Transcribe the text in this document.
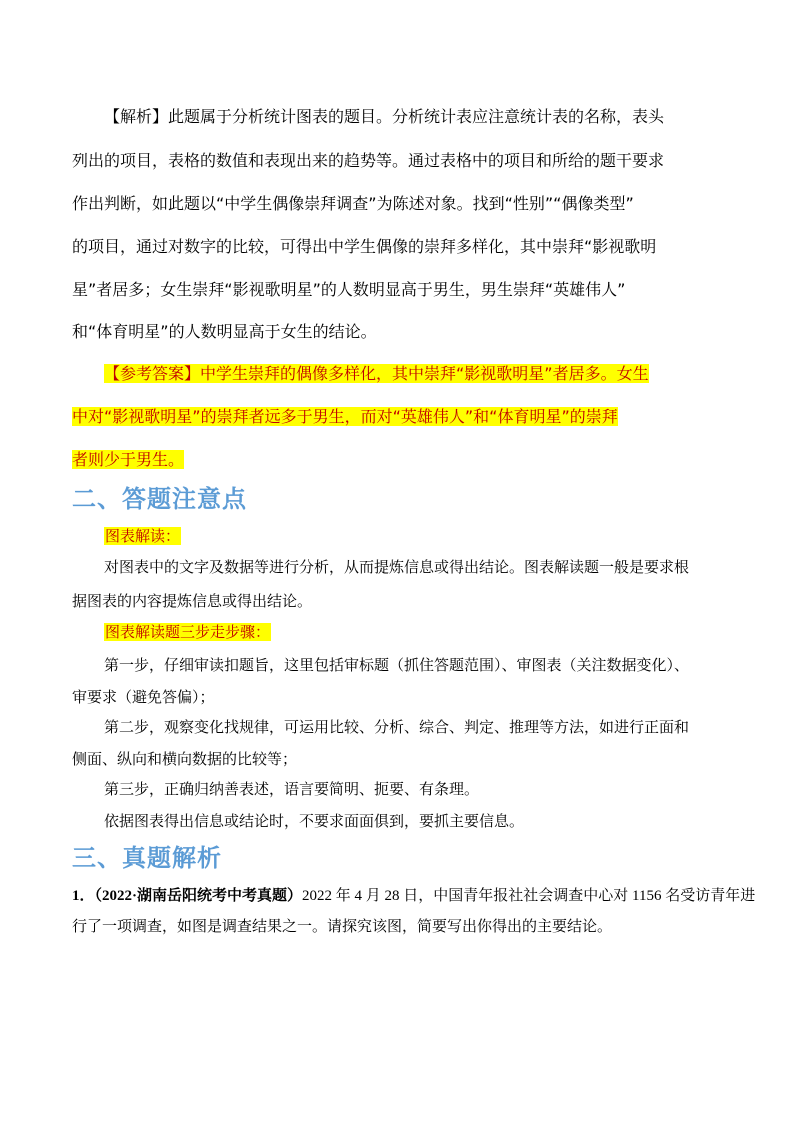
【解析】此题属于分析统计图表的题目。分析统计表应注意统计表的名称，表头
列出的项目，表格的数值和表现出来的趋势等。通过表格中的项目和所给的题干要求
作出判断，如此题以“中学生偶像崇拜调查”为陈述对象。找到“性别”“偶像类型”
的项目，通过对数字的比较，可得出中学生偶像的崇拜多样化，其中崇拜“影视歌明
星”者居多；女生崇拜“影视歌明星”的人数明显高于男生，男生崇拜“英雄伟人”
和“体育明星”的人数明显高于女生的结论。
【参考答案】中学生崇拜的偶像多样化，其中崇拜“影视歌明星”者居多。女生
中对“影视歌明星”的崇拜者远多于男生，而对“英雄伟人”和“体育明星”的崇拜
者则少于男生。
二、答题注意点
图表解读：
对图表中的文字及数据等进行分析，从而提炼信息或得出结论。图表解读题一般是要求根
据图表的内容提炼信息或得出结论。
图表解读题三步走步骤：
第一步，仔细审读扣题旨，这里包括审标题（抓住答题范围）、审图表（关注数据变化）、
审要求（避免答偏）；
第二步，观察变化找规律，可运用比较、分析、综合、判定、推理等方法，如进行正面和
侧面、纵向和横向数据的比较等；
第三步，正确归纳善表述，语言要简明、扼要、有条理。
依据图表得出信息或结论时，不要求面面俱到，要抓主要信息。
三、真题解析
1．（2022·湖南岳阳统考中考真题）2022 年 4 月 28 日，中国青年报社社会调查中心对 1156 名受访青年进
行了一项调查，如图是调查结果之一。请探究该图，简要写出你得出的主要结论。
